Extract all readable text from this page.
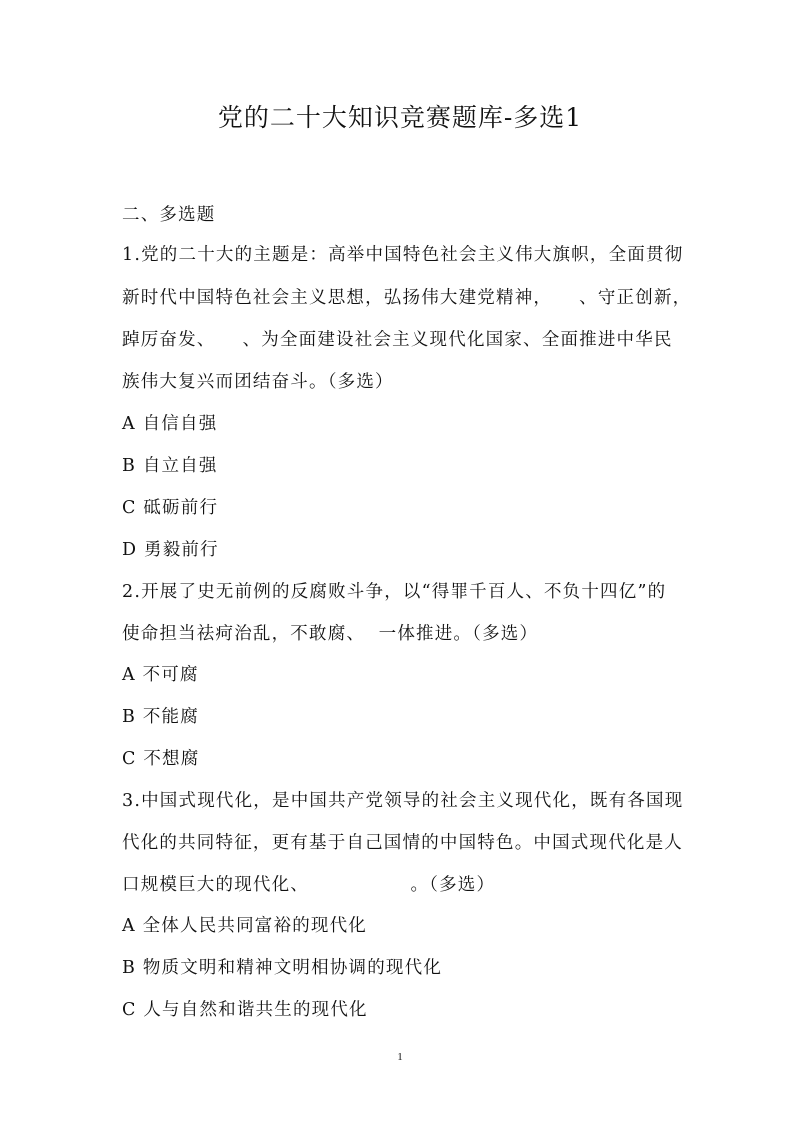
党的二十大知识竞赛题库-多选1
二、多选题
1.党的二十大的主题是：高举中国特色社会主义伟大旗帜，全面贯彻
新时代中国特色社会主义思想，弘扬伟大建党精神，    、守正创新，
踔厉奋发、    、为全面建设社会主义现代化国家、全面推进中华民
族伟大复兴而团结奋斗。（多选）
A 自信自强
B 自立自强
C 砥砺前行
D 勇毅前行
2.开展了史无前例的反腐败斗争，以“得罪千百人、不负十四亿”的
使命担当祛疴治乱，不敢腐、  一体推进。（多选）
A 不可腐
B 不能腐
C 不想腐
3.中国式现代化，是中国共产党领导的社会主义现代化，既有各国现
代化的共同特征，更有基于自己国情的中国特色。中国式现代化是人
口规模巨大的现代化、               。（多选）
A 全体人民共同富裕的现代化
B 物质文明和精神文明相协调的现代化
C 人与自然和谐共生的现代化
1
